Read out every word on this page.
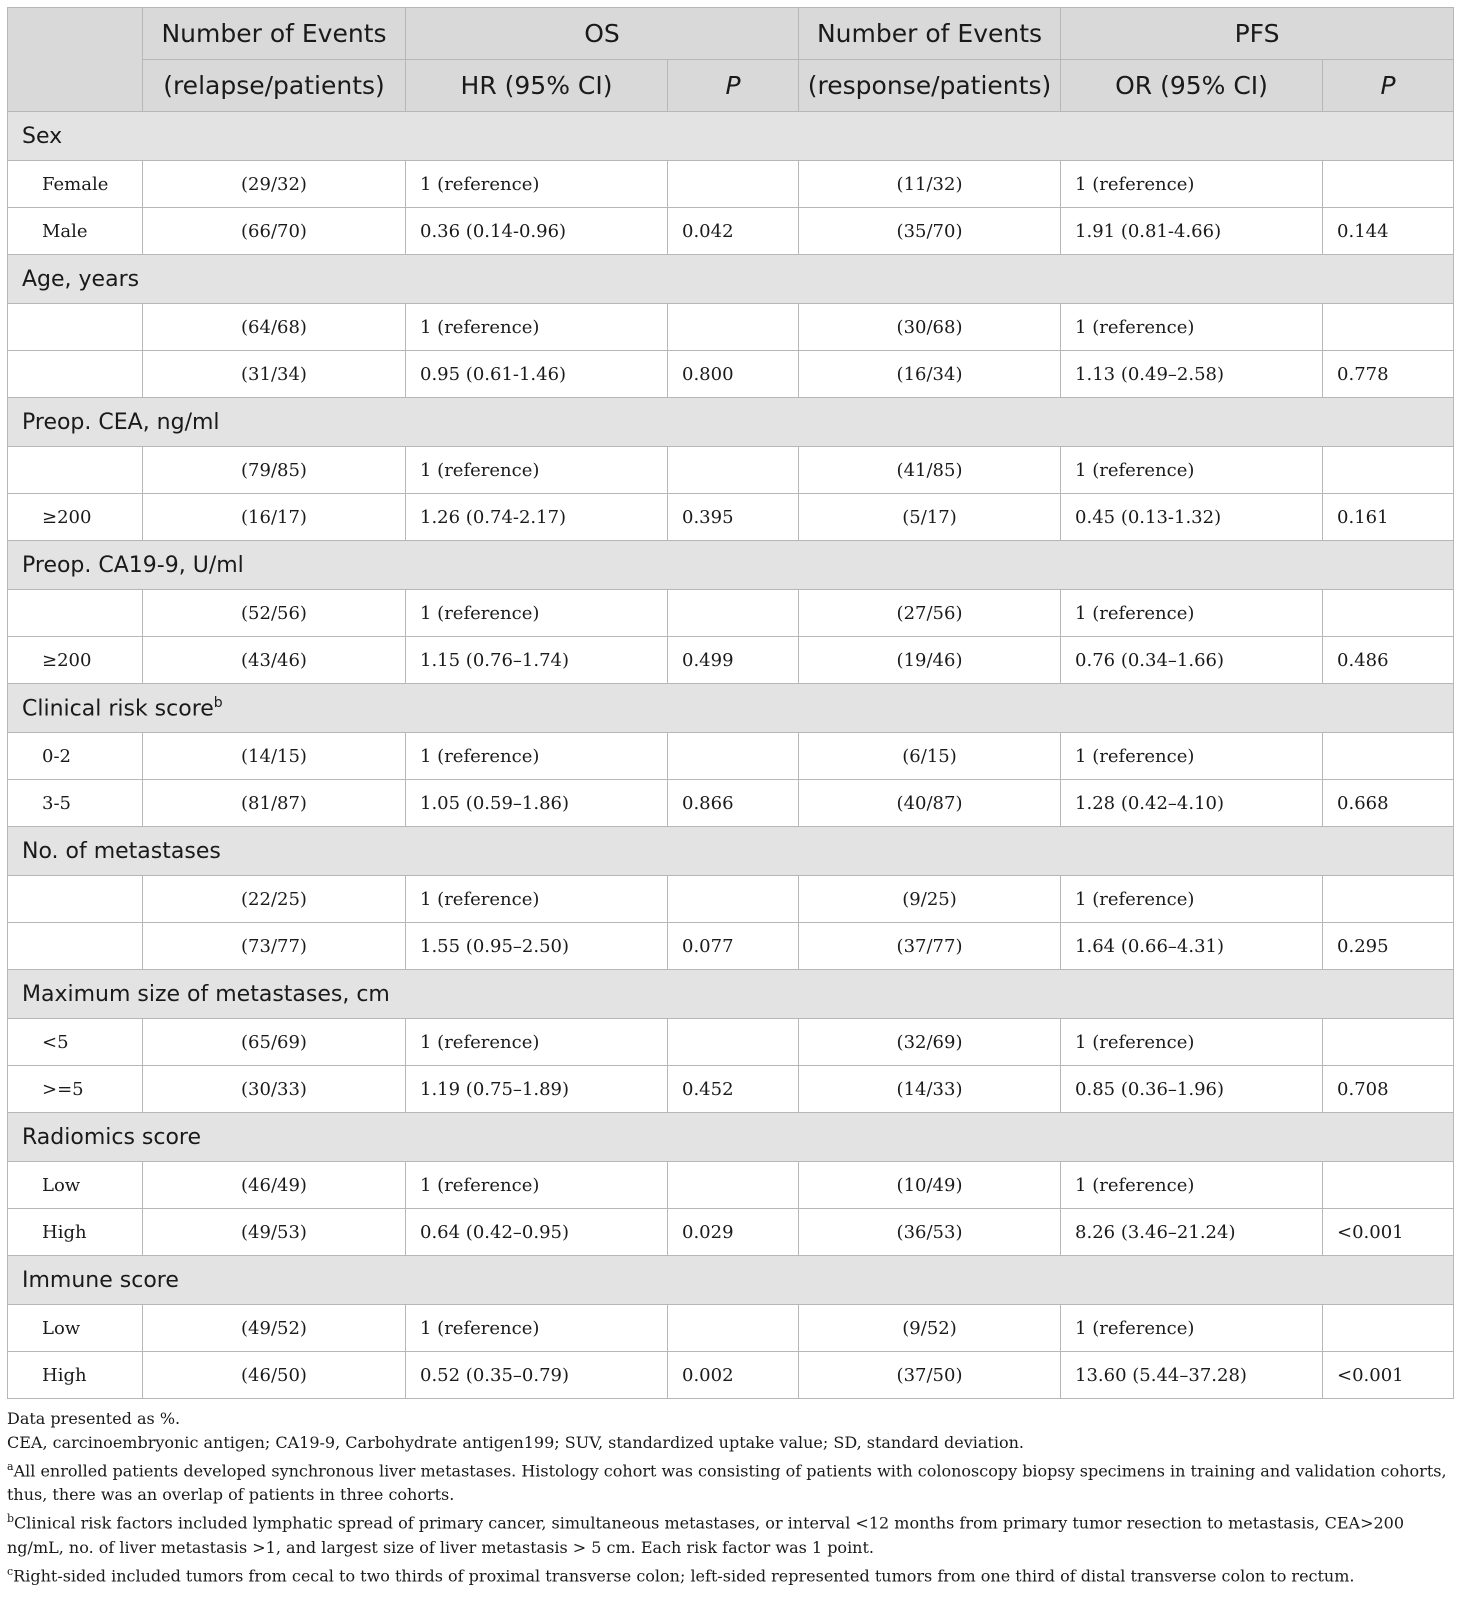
	Number of Events	OS		Number of Events	PFS	
	(relapse/patients)	HR (95% CI)	P	(response/patients)	OR (95% CI)	P
Sex						
Female	(29/32)	1 (reference)		(11/32)	1 (reference)	
Male	(66/70)	0.36 (0.14-0.96)	0.042	(35/70)	1.91 (0.81-4.66)	0.144
Age, years						
	(64/68)	1 (reference)		(30/68)	1 (reference)	
	(31/34)	0.95 (0.61-1.46)	0.800	(16/34)	1.13 (0.49–2.58)	0.778
Preop. CEA, ng/ml						
	(79/85)	1 (reference)		(41/85)	1 (reference)	
≥200	(16/17)	1.26 (0.74-2.17)	0.395	(5/17)	0.45 (0.13-1.32)	0.161
Preop. CA19-9, U/ml						
	(52/56)	1 (reference)		(27/56)	1 (reference)	
≥200	(43/46)	1.15 (0.76–1.74)	0.499	(19/46)	0.76 (0.34–1.66)	0.486
Clinical risk score$^b$
0-2	(14/15)	1 (reference)		(6/15)	1 (reference)	
3-5	(81/87)	1.05 (0.59–1.86)	0.866	(40/87)	1.28 (0.42–4.10)	0.668
No. of metastases						
	(22/25)	1 (reference)		(9/25)	1 (reference)	
	(73/77)	1.55 (0.95–2.50)	0.077	(37/77)	1.64 (0.66–4.31)	0.295
Maximum size of metastases, cm						
<5	(65/69)	1 (reference)		(32/69)	1 (reference)	
>=5	(30/33)	1.19 (0.75–1.89)	0.452	(14/33)	0.85 (0.36–1.96)	0.708
Radiomics score						
Low	(46/49)	1 (reference)		(10/49)	1 (reference)	
High	(49/53)	0.64 (0.42–0.95)	0.029	(36/53)	8.26 (3.46–21.24)	<0.001
Immune score						
Low	(49/52)	1 (reference)		(9/52)	1 (reference)	
High	(46/50)	0.52 (0.35–0.79)	0.002	(37/50)	13.60 (5.44–37.28)	<0.001
Data presented as %.
CEA, carcinoembryonic antigen; CA19-9, Carbohydrate antigen199; SUV, standardized uptake value; SD, standard deviation.
$^a$All enrolled patients developed synchronous liver metastases. Histology cohort was consisting of patients with colonoscopy biopsy specimens in training and validation cohorts, thus, there was an overlap of patients in three cohorts.
$^b$Clinical risk factors included lymphatic spread of primary cancer, simultaneous metastases, or interval <12 months from primary tumor resection to metastasis, CEA>200 ng/mL, no. of liver metastasis >1, and largest size of liver metastasis > 5 cm. Each risk factor was 1 point.
$^c$Right-sided included tumors from cecal to two thirds of proximal transverse colon; left-sided represented tumors from one third of distal transverse colon to rectum.
